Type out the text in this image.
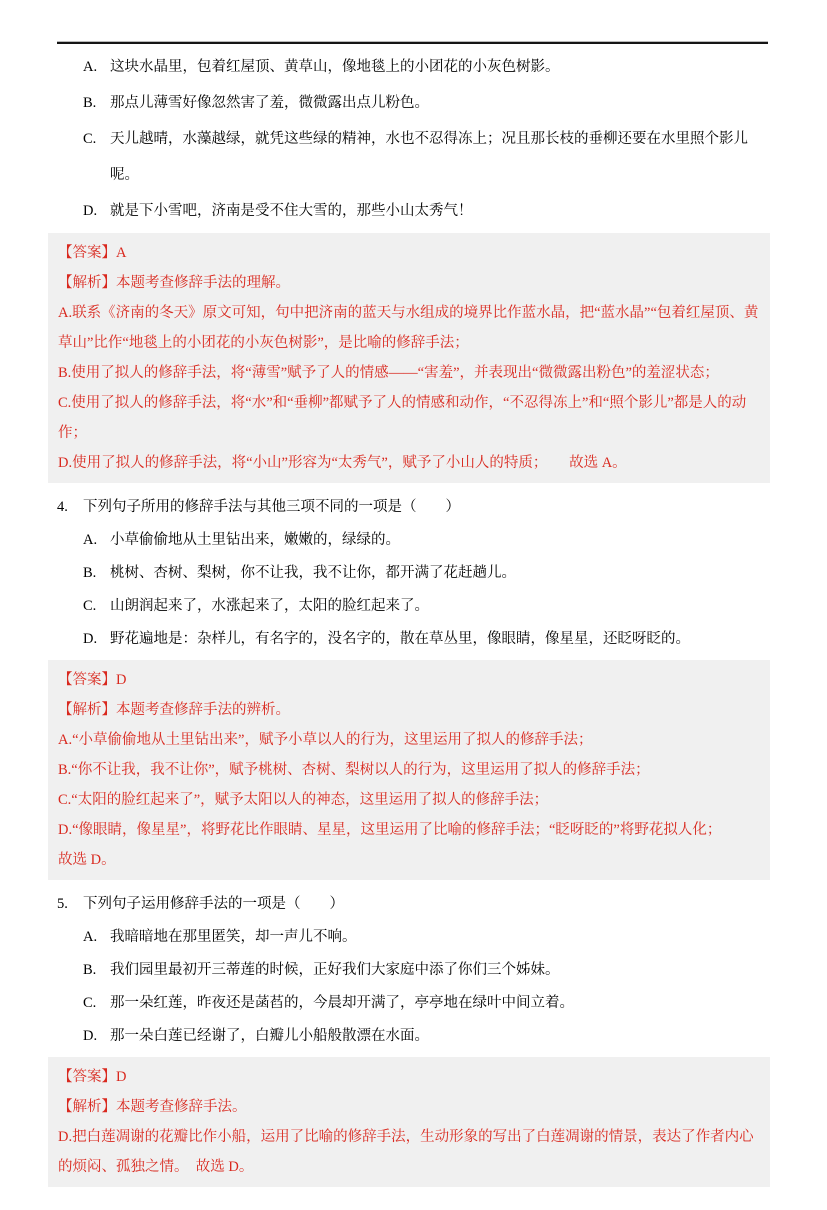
A. 这块水晶里，包着红屋顶、黄草山，像地毯上的小团花的小灰色树影。
B. 那点儿薄雪好像忽然害了羞，微微露出点儿粉色。
C. 天儿越晴，水藻越绿，就凭这些绿的精神，水也不忍得冻上；况且那长枝的垂柳还要在水里照个影儿呢。
D. 就是下小雪吧，济南是受不住大雪的，那些小山太秀气！
【答案】A
【解析】本题考查修辞手法的理解。
A.联系《济南的冬天》原文可知，句中把济南的蓝天与水组成的境界比作蓝水晶，把“蓝水晶”“包着红屋顶、黄草山”比作“地毯上的小团花的小灰色树影”，是比喻的修辞手法；
B.使用了拟人的修辞手法，将“薄雪”赋予了人的情感——“害羞”，并表现出“微微露出粉色”的羞涩状态；
C.使用了拟人的修辞手法，将“水”和“垂柳”都赋予了人的情感和动作，“不忍得冻上”和“照个影儿”都是人的动作；
D.使用了拟人的修辞手法，将“小山”形容为“太秀气”，赋予了小山人的特质；　　故选 A。
4.	下列句子所用的修辞手法与其他三项不同的一项是（　　）
A. 小草偷偷地从土里钻出来，嫩嫩的，绿绿的。
B. 桃树、杏树、梨树，你不让我，我不让你，都开满了花赶趟儿。
C. 山朗润起来了，水涨起来了，太阳的脸红起来了。
D. 野花遍地是：杂样儿，有名字的，没名字的，散在草丛里，像眼睛，像星星，还眨呀眨的。
【答案】D
【解析】本题考查修辞手法的辨析。
A.“小草偷偷地从土里钻出来”，赋予小草以人的行为，这里运用了拟人的修辞手法；
B.“你不让我，我不让你”，赋予桃树、杏树、梨树以人的行为，这里运用了拟人的修辞手法；
C.“太阳的脸红起来了”，赋予太阳以人的神态，这里运用了拟人的修辞手法；
D.“像眼睛，像星星”，将野花比作眼睛、星星，这里运用了比喻的修辞手法；“眨呀眨的”将野花拟人化；
故选 D。
5.	下列句子运用修辞手法的一项是（　　）
A. 我暗暗地在那里匿笑，却一声儿不响。
B. 我们园里最初开三蒂莲的时候，正好我们大家庭中添了你们三个姊妹。
C. 那一朵红莲，昨夜还是菡萏的，今晨却开满了，亭亭地在绿叶中间立着。
D. 那一朵白莲已经谢了，白瓣儿小船般散漂在水面。
【答案】D
【解析】本题考查修辞手法。
D.把白莲凋谢的花瓣比作小船，运用了比喻的修辞手法，生动形象的写出了白莲凋谢的情景，表达了作者内心的烦闷、孤独之情。　故选 D。
